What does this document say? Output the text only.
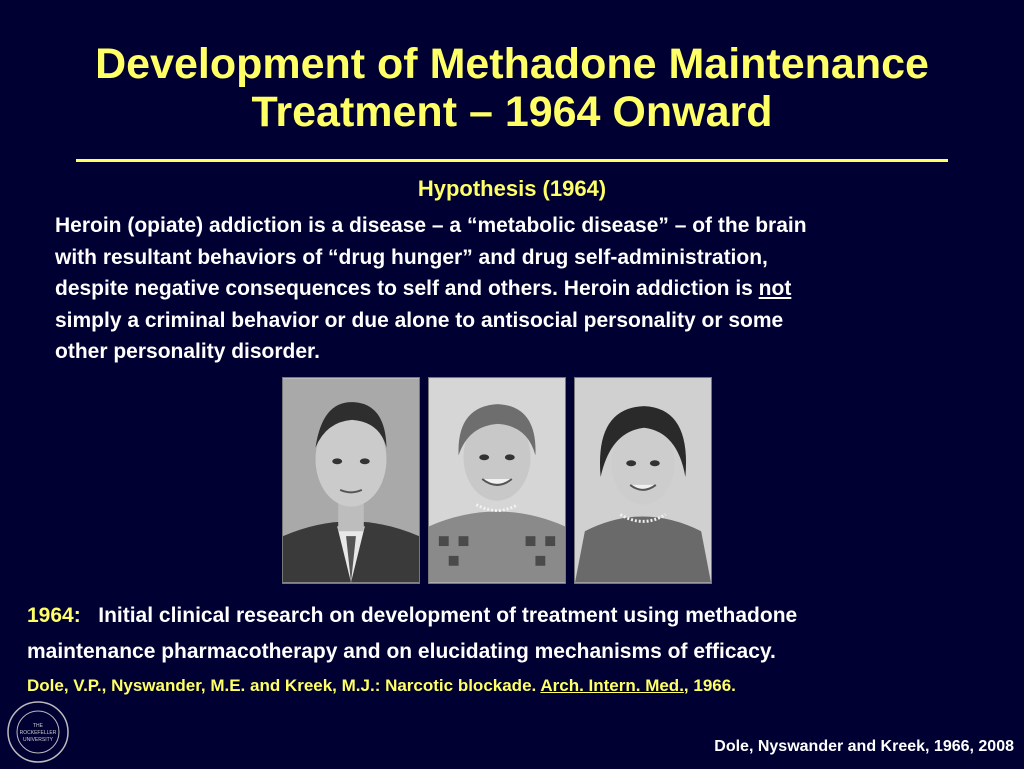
Development of Methadone Maintenance
Treatment – 1964 Onward
Hypothesis (1964)
Heroin (opiate) addiction is a disease – a “metabolic disease” – of the brain
with resultant behaviors of “drug hunger” and drug self-administration,
despite negative consequences to self and others. Heroin addiction is not
simply a criminal behavior or due alone to antisocial personality or some
other personality disorder.
1964: Initial clinical research on development of treatment using methadone
maintenance pharmacotherapy and on elucidating mechanisms of efficacy.
Dole, V.P., Nyswander, M.E. and Kreek, M.J.: Narcotic blockade. Arch. Intern. Med., 1966.
THE
ROCKEFELLER
UNIVERSITY	Dole, Nyswander and Kreek, 1966, 2008
